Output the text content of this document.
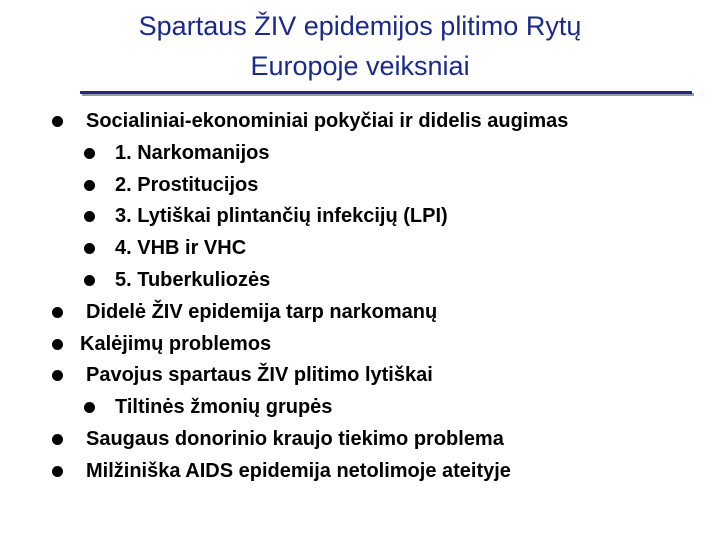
Spartaus ŽIV epidemijos plitimo Rytų
Europoje veiksniai
Socialiniai-ekonominiai pokyčiai ir didelis augimas
1. Narkomanijos
2. Prostitucijos
3. Lytiškai plintančių infekcijų (LPI)
4. VHB ir VHC
5. Tuberkuliozės
Didelė ŽIV epidemija tarp narkomanų
Kalėjimų problemos
Pavojus spartaus ŽIV plitimo lytiškai
Tiltinės žmonių grupės
Saugaus donorinio kraujo tiekimo problema
Milžiniška AIDS epidemija netolimoje ateityje
